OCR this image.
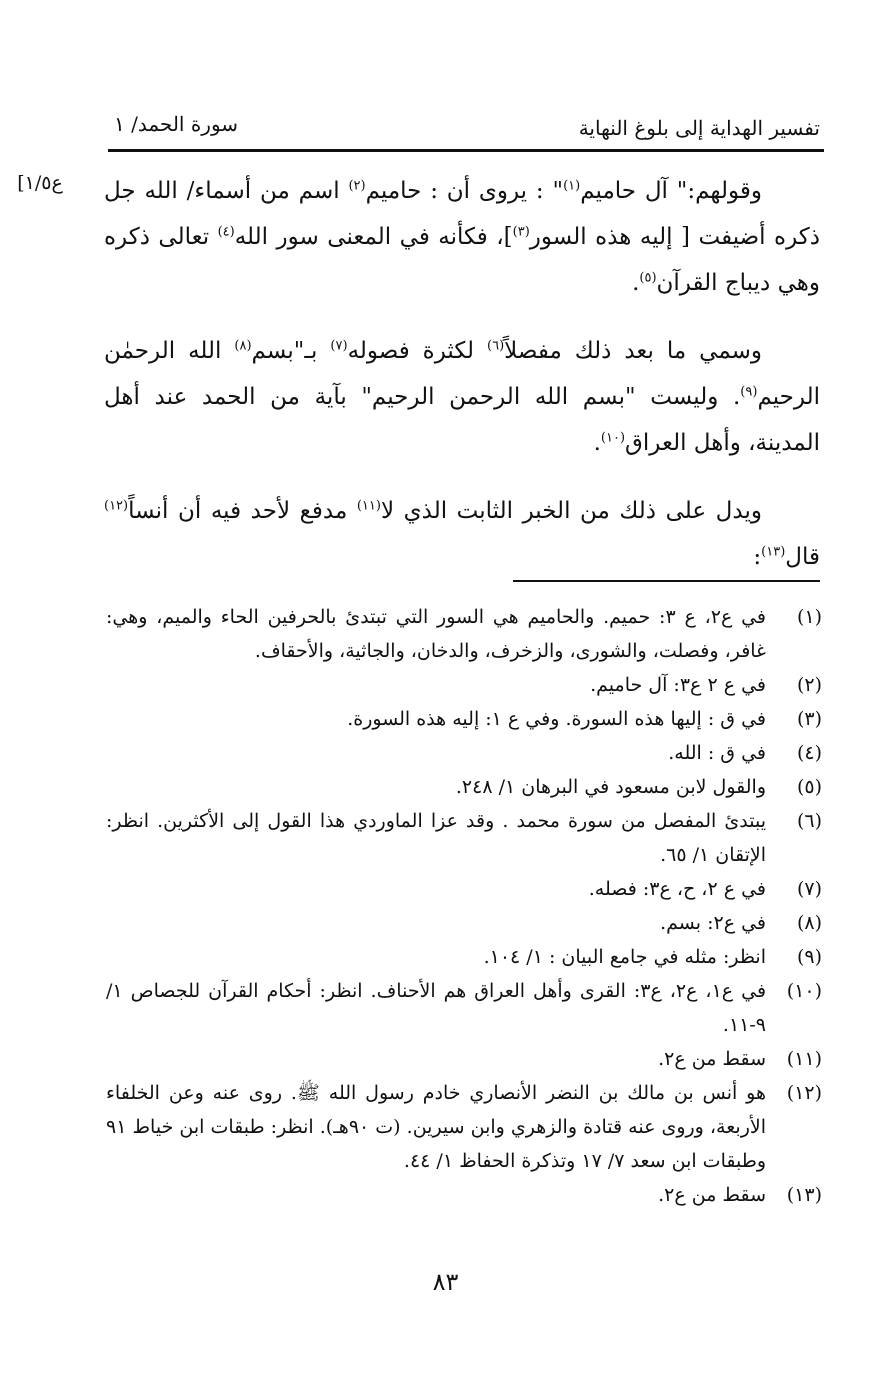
تفسير الهداية إلى بلوغ النهاية
سورة الحمد/ ١
ع١/٥]	وقولهم:" آل حاميم$^{(١)}$" : يروى أن : حاميم$^{(٢)}$ اسم من أسماء/ الله جل ذكره أضيفت [ إليه هذه السور$^{(٣)}$]، فكأنه في المعنى سور الله$^{(٤)}$ تعالى ذكره وهي ديباج القرآن$^{(٥)}$.

وسمي ما بعد ذلك مفصلاً$^{(٦)}$ لكثرة فصوله$^{(٧)}$ بـ"بسم$^{(٨)}$ الله الرحمٰن الرحيم$^{(٩)}$. وليست "بسم الله الرحمن الرحيم" بآية من الحمد عند أهل المدينة، وأهل العراق$^{(١٠)}$.

ويدل على ذلك من الخبر الثابت الذي لا$^{(١١)}$ مدفع لأحد فيه أن أنساً$^{(١٢)}$ قال$^{(١٣)}$:

(١)
في ع٢، ع ٣: حميم. والحاميم هي السور التي تبتدئ بالحرفين الحاء والميم، وهي: غافر، وفصلت، والشورى، والزخرف، والدخان، والجاثية، والأحقاف.
(٢)
في ع ٢ ع٣: آل حاميم.
(٣)
في ق : إليها هذه السورة. وفي ع ١: إليه هذه السورة.
(٤)
في ق : الله.
(٥)
والقول لابن مسعود في البرهان ١/ ٢٤٨.
(٦)
يبتدئ المفصل من سورة محمد . وقد عزا الماوردي هذا القول إلى الأكثرين. انظر: الإتقان ١/ ٦٥.
(٧)
في ع ٢، ح، ع٣: فصله.
(٨)
في ع٢: بسم.
(٩)
انظر: مثله في جامع البيان : ١/ ١٠٤.
(١٠)
في ع١، ع٢، ع٣: القرى وأهل العراق هم الأحناف. انظر: أحكام القرآن للجصاص ١/ ٩-١١.
(١١)
سقط من ع٢.
(١٢)
هو أنس بن مالك بن النضر الأنصاري خادم رسول الله ﷺ. روى عنه وعن الخلفاء الأربعة، وروى عنه قتادة والزهري وابن سيرين. (ت ٩٠هـ). انظر: طبقات ابن خياط ٩١ وطبقات ابن سعد ٧/ ١٧ وتذكرة الحفاظ ١/ ٤٤.
(١٣)
سقط من ع٢.
٨٣
